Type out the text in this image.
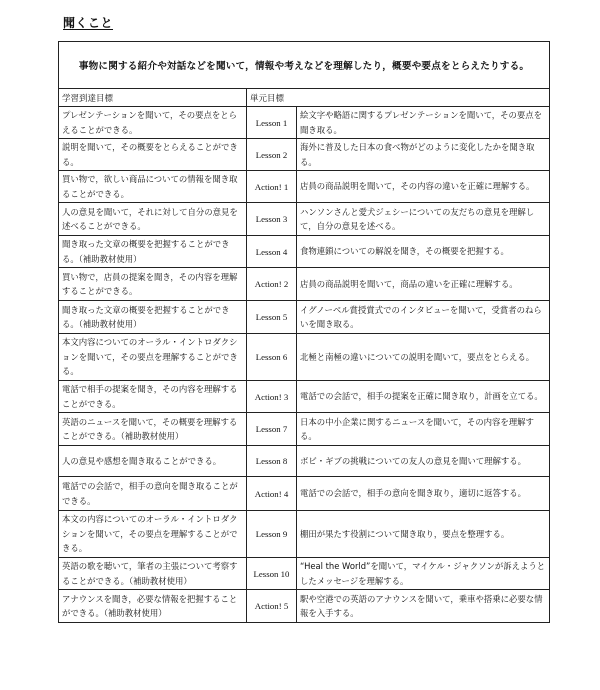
聞くこと
事物に関する紹介や対話などを聞いて，情報や考えなどを理解したり，概要や要点をとらえたりする。		
学習到達目標	単元目標	
プレゼンテーションを聞いて，その要点をとらえることができる。	Lesson 1	絵文字や略語に関するプレゼンテーションを聞いて，その要点を聞き取る。
説明を聞いて，その概要をとらえることができる。	Lesson 2	海外に普及した日本の食べ物がどのように変化したかを聞き取る。
買い物で，欲しい商品についての情報を聞き取ることができる。	Action! 1	店員の商品説明を聞いて，その内容の違いを正確に理解する。
人の意見を聞いて，それに対して自分の意見を述べることができる。	Lesson 3	ハンソンさんと愛犬ジェシーについての友だちの意見を理解して，自分の意見を述べる。
聞き取った文章の概要を把握することができる。（補助教材使用）	Lesson 4	食物連鎖についての解説を聞き，その概要を把握する。
買い物で，店員の提案を聞き，その内容を理解することができる。	Action! 2	店員の商品説明を聞いて，商品の違いを正確に理解する。
聞き取った文章の概要を把握することができる。（補助教材使用）	Lesson 5	イグノーベル賞授賞式でのインタビューを聞いて，受賞者のねらいを聞き取る。
本文内容についてのオーラル・イントロダクションを聞いて，その要点を理解することができる。	Lesson 6	北極と南極の違いについての説明を聞いて，要点をとらえる。
電話で相手の提案を聞き，その内容を理解することができる。	Action! 3	電話での会話で，相手の提案を正確に聞き取り，計画を立てる。
英語のニュースを聞いて，その概要を理解することができる。（補助教材使用）	Lesson 7	日本の中小企業に関するニュースを聞いて，その内容を理解する。
人の意見や感想を聞き取ることができる。	Lesson 8	ボビ・ギブの挑戦についての友人の意見を聞いて理解する。
電話での会話で，相手の意向を聞き取ることができる。	Action! 4	電話での会話で，相手の意向を聞き取り，適切に返答する。
本文の内容についてのオーラル・イントロダクションを聞いて，その要点を理解することができる。	Lesson 9	棚田が果たす役割について聞き取り，要点を整理する。
英語の歌を聴いて，筆者の主張について考察することができる。（補助教材使用）	Lesson 10	“Heal the World”を聞いて，マイケル・ジャクソンが訴えようとしたメッセージを理解する。
アナウンスを聞き，必要な情報を把握することができる。（補助教材使用）	Action! 5	駅や空港での英語のアナウンスを聞いて，乗車や搭乗に必要な情報を入手する。
